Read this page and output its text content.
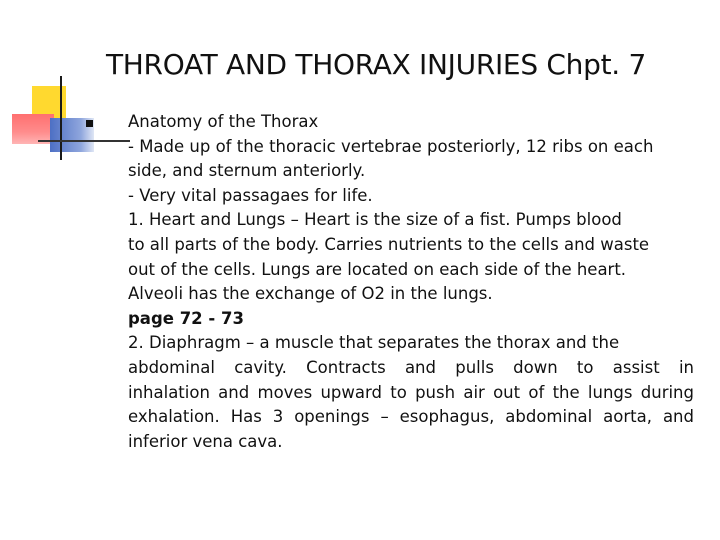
THROAT AND THORAX INJURIES Chpt. 7

Anatomy of the Thorax

- Made up of the thoracic vertebrae posteriorly, 12 ribs on each

side, and sternum anteriorly.

- Very vital passagaes for life.

1. Heart and Lungs – Heart is the size of a fist. Pumps blood

to all parts of the body. Carries nutrients to the cells and waste

out of the cells. Lungs are located on each side of the heart.

Alveoli has the exchange of O2 in the lungs.

page 72 - 73

2. Diaphragm – a muscle that separates the thorax and the

abdominal cavity. Contracts and pulls down to assist in

inhalation and moves upward to push air out of the lungs during

exhalation. Has 3 openings – esophagus, abdominal aorta, and

inferior vena cava.
